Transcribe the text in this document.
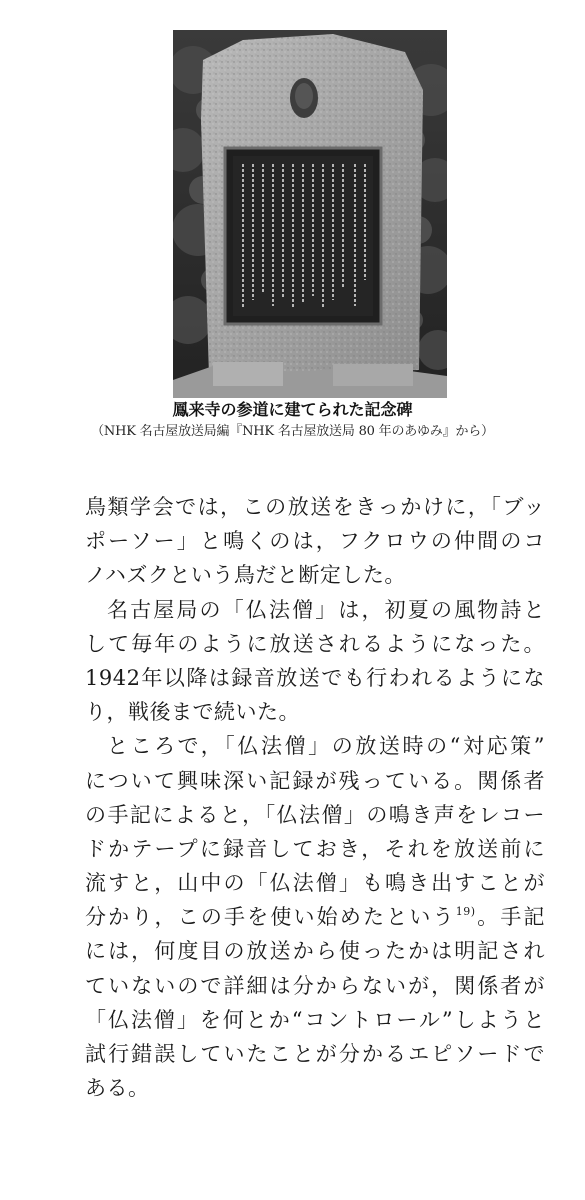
鳳来寺の参道に建てられた記念碑
（NHK 名古屋放送局編『NHK 名古屋放送局 80 年のあゆみ』から）
鳥類学会では，この放送をきっかけに，「ブッ
ポーソー」と鳴くのは，フクロウの仲間のコ
ノハズクという鳥だと断定した。
名古屋局の「仏法僧」は，初夏の風物詩と
して毎年のように放送されるようになった。
1942年以降は録音放送でも行われるようにな
り，戦後まで続いた。
ところで，「仏法僧」の放送時の“対応策”
について興味深い記録が残っている。関係者
の手記によると，「仏法僧」の鳴き声をレコー
ドかテープに録音しておき，それを放送前に
流すと，山中の「仏法僧」も鳴き出すことが
分かり，この手を使い始めたという$^{19)}$。手記
には，何度目の放送から使ったかは明記され
ていないので詳細は分からないが，関係者が
「仏法僧」を何とか“コントロール”しようと
試行錯誤していたことが分かるエピソードで
ある。
